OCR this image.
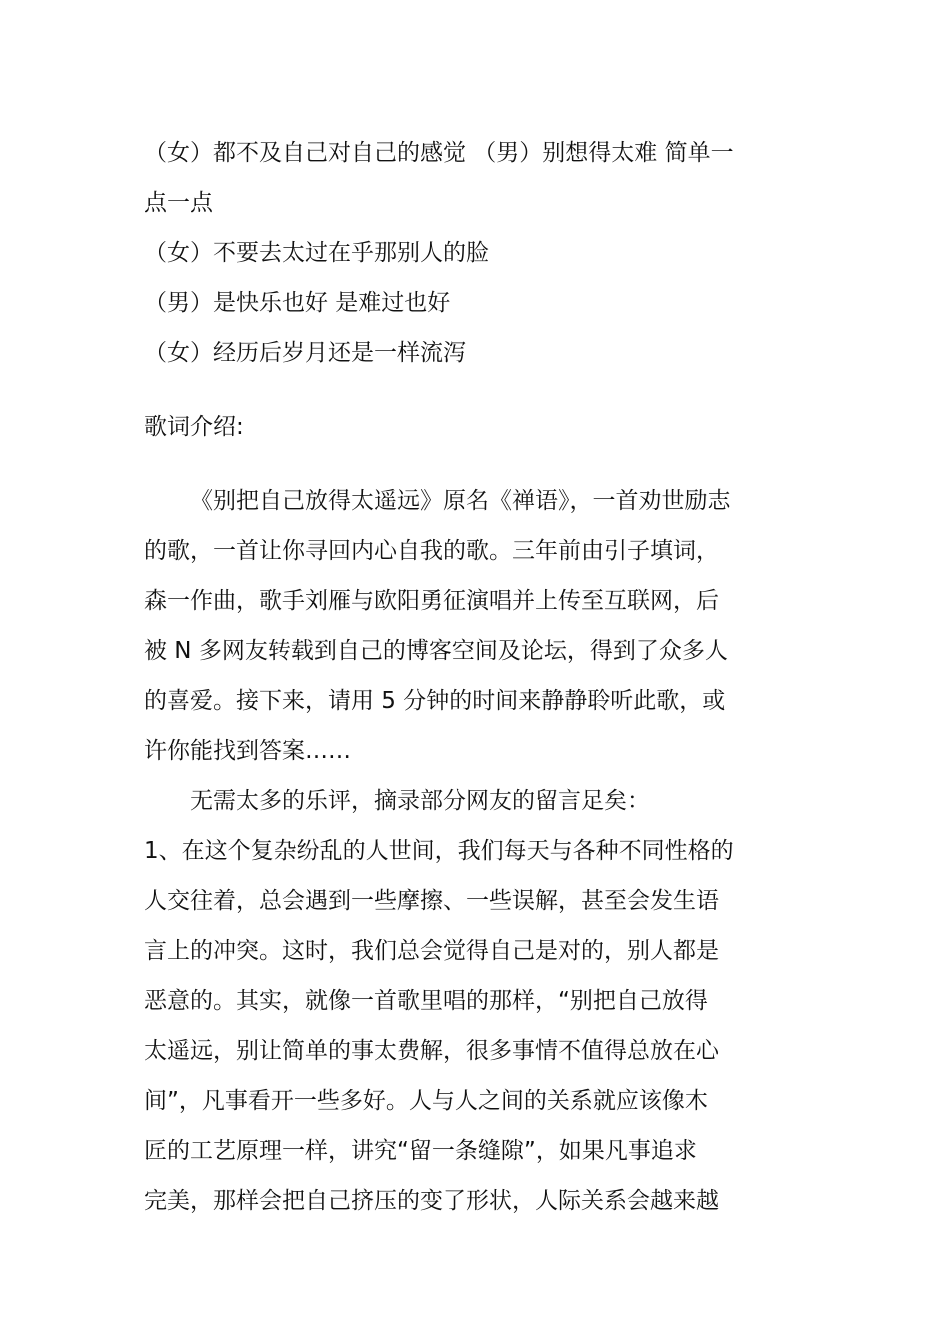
（女）都不及自己对自己的感觉 （男）别想得太难 简单一
点一点
（女）不要去太过在乎那别人的脸
（男）是快乐也好 是难过也好
（女）经历后岁月还是一样流泻
歌词介绍:
《别把自己放得太遥远》原名《禅语》，一首劝世励志
的歌，一首让你寻回内心自我的歌。三年前由引子填词，
森一作曲，歌手刘雁与欧阳勇征演唱并上传至互联网，后
被 N 多网友转载到自己的博客空间及论坛，得到了众多人
的喜爱。接下来，请用 5 分钟的时间来静静聆听此歌，或
许你能找到答案……
无需太多的乐评，摘录部分网友的留言足矣：
1、在这个复杂纷乱的人世间，我们每天与各种不同性格的
人交往着，总会遇到一些摩擦、一些误解，甚至会发生语
言上的冲突。这时，我们总会觉得自己是对的，别人都是
恶意的。其实，就像一首歌里唱的那样，“别把自己放得
太遥远，别让简单的事太费解，很多事情不值得总放在心
间”，凡事看开一些多好。人与人之间的关系就应该像木
匠的工艺原理一样，讲究“留一条缝隙”，如果凡事追求
完美，那样会把自己挤压的变了形状，人际关系会越来越
